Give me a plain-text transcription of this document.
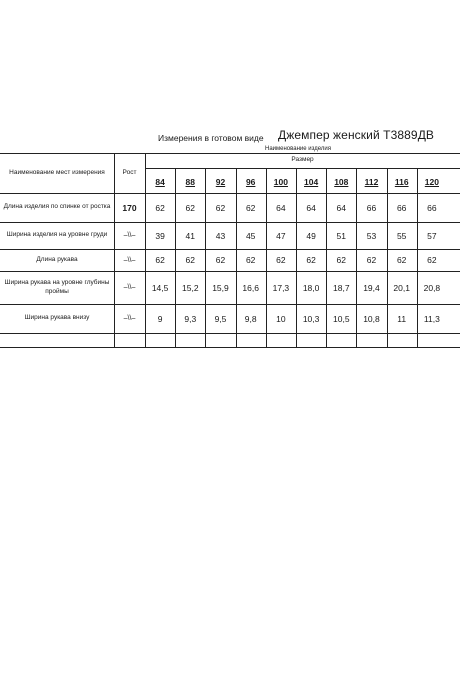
Измерения в готовом виде Джемпер женский Т3889ДВ
Наименование изделия
Наименование мест измерения	Рост
Размер
84	88	92	96	100	104	108	112	116	120
Длина изделия по спинке от ростка	170	62	62	62	62	64	64	64	66	66	66
Ширина изделия на уровне груди	–\\–	39	41	43	45	47	49	51	53	55	57
Длина рукава	–\\–	62	62	62	62	62	62	62	62	62	62
Ширина рукава на уровне глубины проймы	–\\–	14,5	15,2	15,9	16,6	17,3	18,0	18,7	19,4	20,1	20,8
Ширина рукава внизу	–\\–	9	9,3	9,5	9,8	10	10,3	10,5	10,8	11	11,3
